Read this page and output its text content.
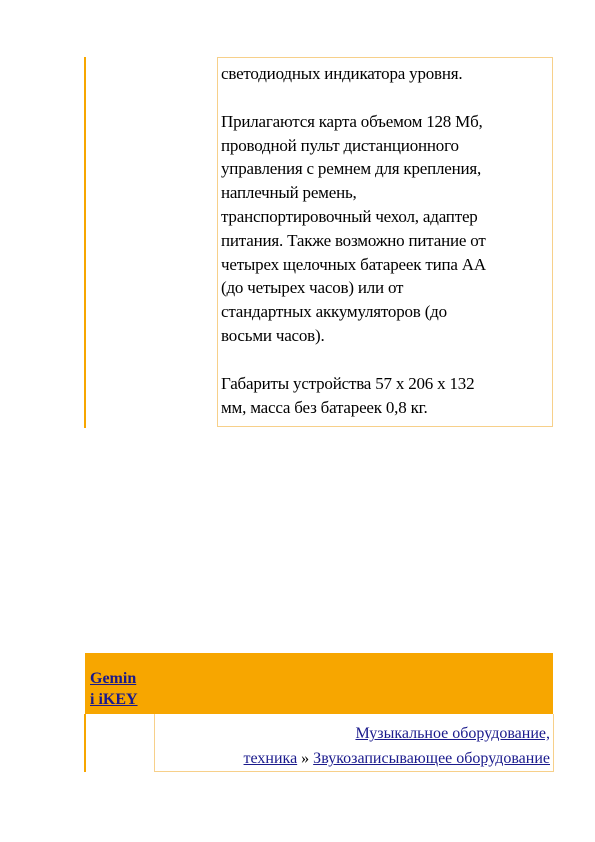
светодиодных индикатора уровня.

Прилагаются карта объемом 128 Мб,
проводной пульт дистанционного
управления с ремнем для крепления,
наплечный ремень,
транспортировочный чехол, адаптер
питания. Также возможно питание от
четырех щелочных батареек типа АА
(до четырех часов) или от
стандартных аккумуляторов (до
восьми часов).

Габариты устройства 57 x 206 x 132
мм, масса без батареек 0,8 кг.

Gemin
i iKEY
Музыкальное оборудование,
техника » Звукозаписывающее оборудование
